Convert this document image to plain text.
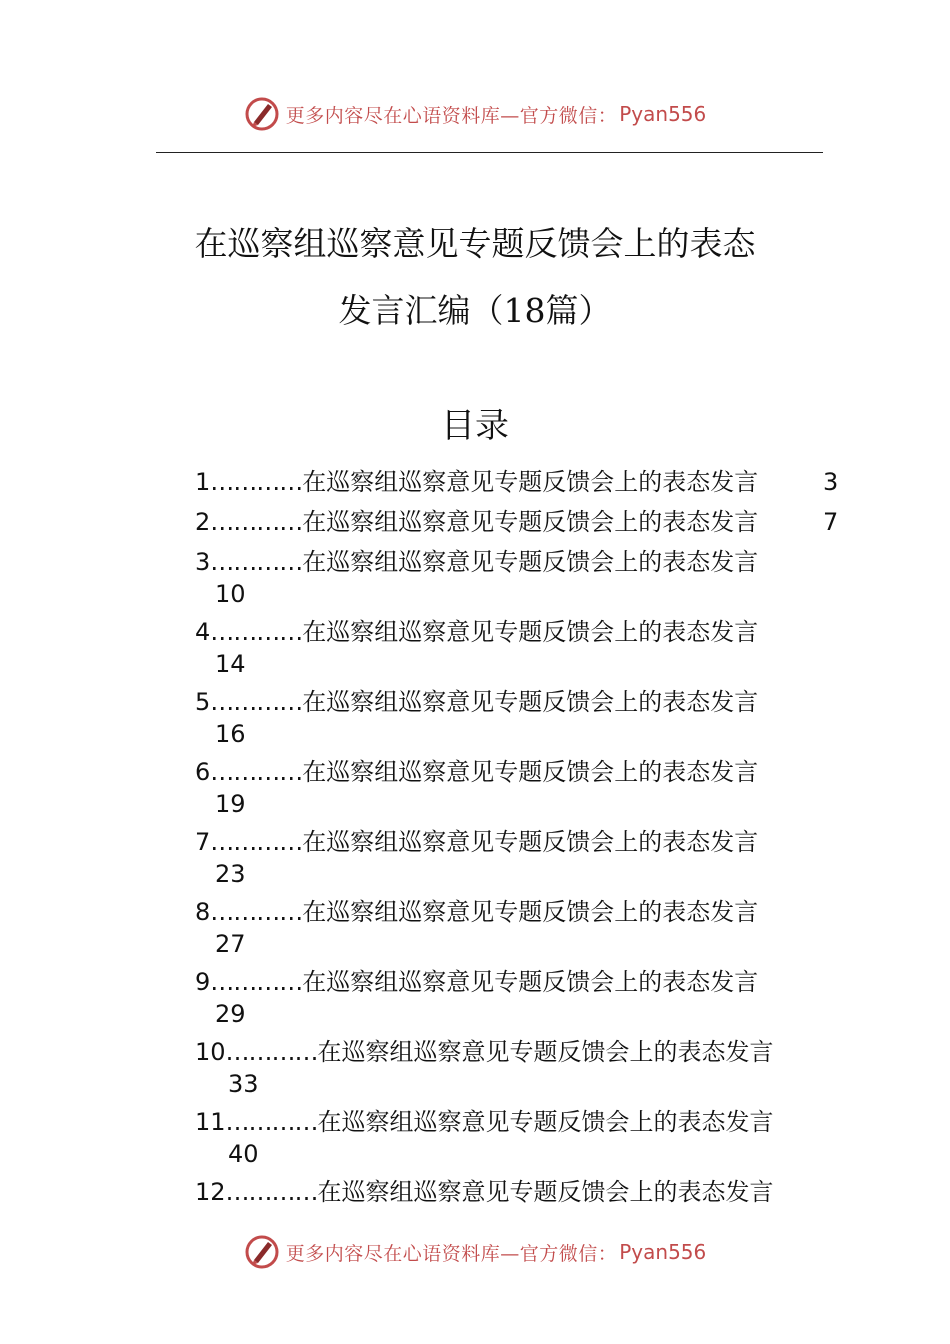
更多内容尽在心语资料库—官方微信： Pyan556
在巡察组巡察意见专题反馈会上的表态
发言汇编（18篇）
目录
1 ………… 在巡察组巡察意见专题反馈会上的表态发言	3
2 ………… 在巡察组巡察意见专题反馈会上的表态发言	7
3 ………… 在巡察组巡察意见专题反馈会上的表态发言
10
4 ………… 在巡察组巡察意见专题反馈会上的表态发言
14
5 ………… 在巡察组巡察意见专题反馈会上的表态发言
16
6 ………… 在巡察组巡察意见专题反馈会上的表态发言
19
7 ………… 在巡察组巡察意见专题反馈会上的表态发言
23
8 ………… 在巡察组巡察意见专题反馈会上的表态发言
27
9 ………… 在巡察组巡察意见专题反馈会上的表态发言
29
10 ………… 在巡察组巡察意见专题反馈会上的表态发言
33
11 ………… 在巡察组巡察意见专题反馈会上的表态发言
40
12 ………… 在巡察组巡察意见专题反馈会上的表态发言
更多内容尽在心语资料库—官方微信： Pyan556
